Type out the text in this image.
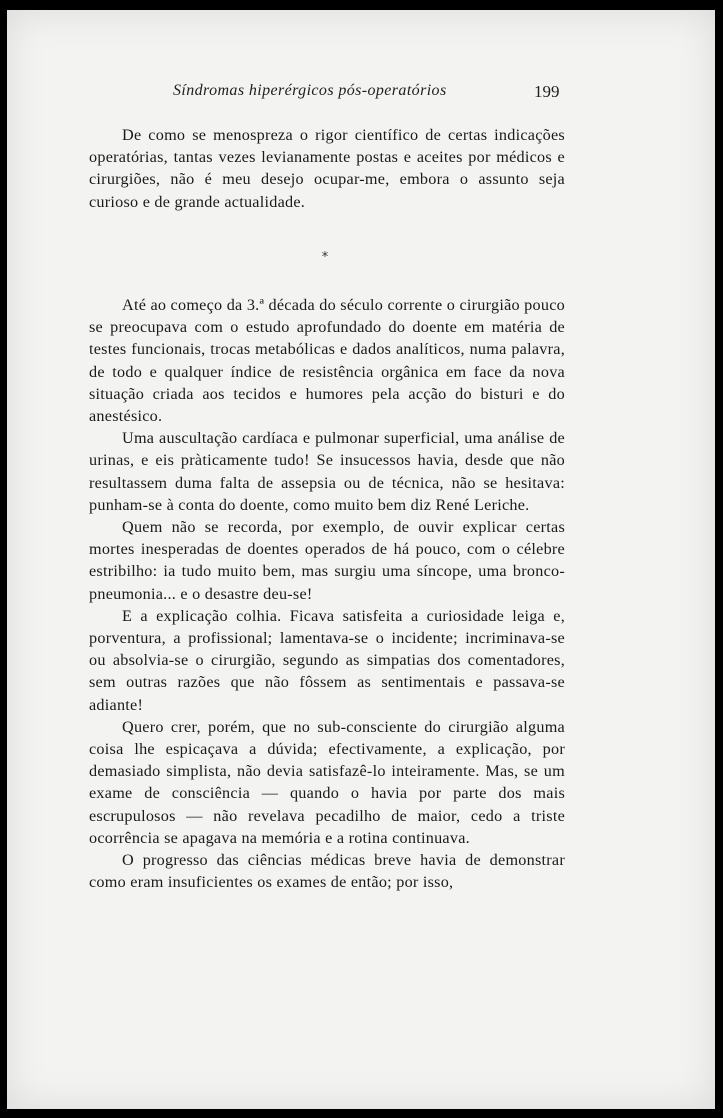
Síndromas hiperérgicos pós-operatórios	199

De como se menospreza o rigor científico de certas indicações operatórias, tantas vezes levianamente postas e aceites por médicos e cirurgiões, não é meu desejo ocupar-me, embora o assunto seja curioso e de grande actualidade.

*

Até ao começo da 3.ª década do século corrente o cirurgião pouco se preocupava com o estudo aprofundado do doente em matéria de testes funcionais, trocas metabólicas e dados analíticos, numa palavra, de todo e qualquer índice de resistência orgânica em face da nova situação criada aos tecidos e humores pela acção do bisturi e do anestésico.

Uma auscultação cardíaca e pulmonar superficial, uma análise de urinas, e eis pràticamente tudo! Se insucessos havia, desde que não resultassem duma falta de assepsia ou de técnica, não se hesitava: punham-se à conta do doente, como muito bem diz René Leriche.

Quem não se recorda, por exemplo, de ouvir explicar certas mortes inesperadas de doentes operados de há pouco, com o célebre estribilho: ia tudo muito bem, mas surgiu uma síncope, uma bronco-pneumonia... e o desastre deu-se!

E a explicação colhia. Ficava satisfeita a curiosidade leiga e, porventura, a profissional; lamentava-se o incidente; incriminava-se ou absolvia-se o cirurgião, segundo as simpatias dos comentadores, sem outras razões que não fôssem as sentimentais e passava-se adiante!

Quero crer, porém, que no sub-consciente do cirurgião alguma coisa lhe espicaçava a dúvida; efectivamente, a explicação, por demasiado simplista, não devia satisfazê-lo inteiramente. Mas, se um exame de consciência — quando o havia por parte dos mais escrupulosos — não revelava pecadilho de maior, cedo a triste ocorrência se apagava na memória e a rotina continuava.

O progresso das ciências médicas breve havia de demonstrar como eram insuficientes os exames de então; por isso,
